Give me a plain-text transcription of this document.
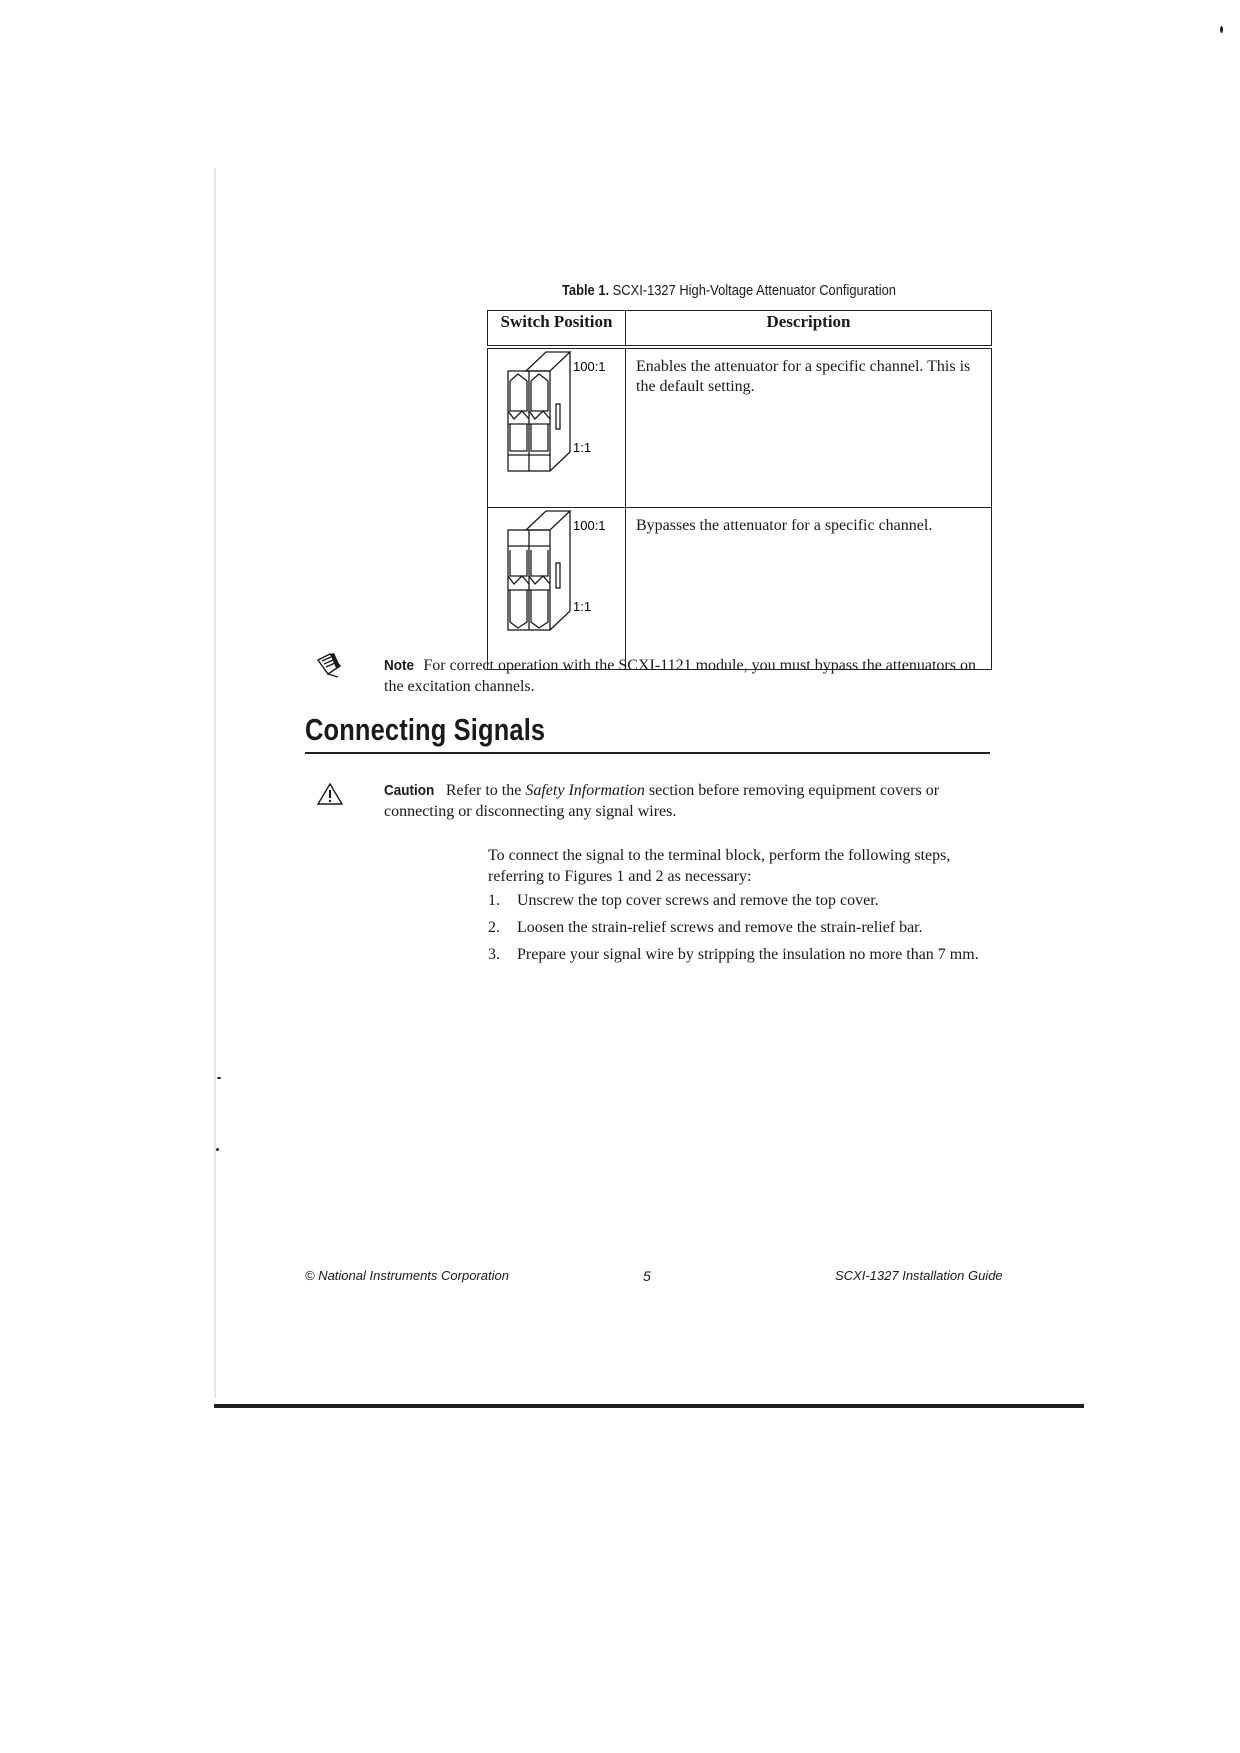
Table 1. SCXI-1327 High-Voltage Attenuator Configuration
Switch Position	Description

100:1
1:1	Enables the attenuator for a specific channel. This is the default setting.

100:1
1:1	Bypasses the attenuator for a specific channel.
Note For correct operation with the SCXI-1121 module, you must bypass the attenuators on the excitation channels.
Connecting Signals
Caution Refer to the Safety Information section before removing equipment covers or connecting or disconnecting any signal wires.
To connect the signal to the terminal block, perform the following steps, referring to Figures 1 and 2 as necessary:
1. Unscrew the top cover screws and remove the top cover.
2. Loosen the strain-relief screws and remove the strain-relief bar.
3. Prepare your signal wire by stripping the insulation no more than 7 mm.
© National Instruments Corporation	5	SCXI-1327 Installation Guide
